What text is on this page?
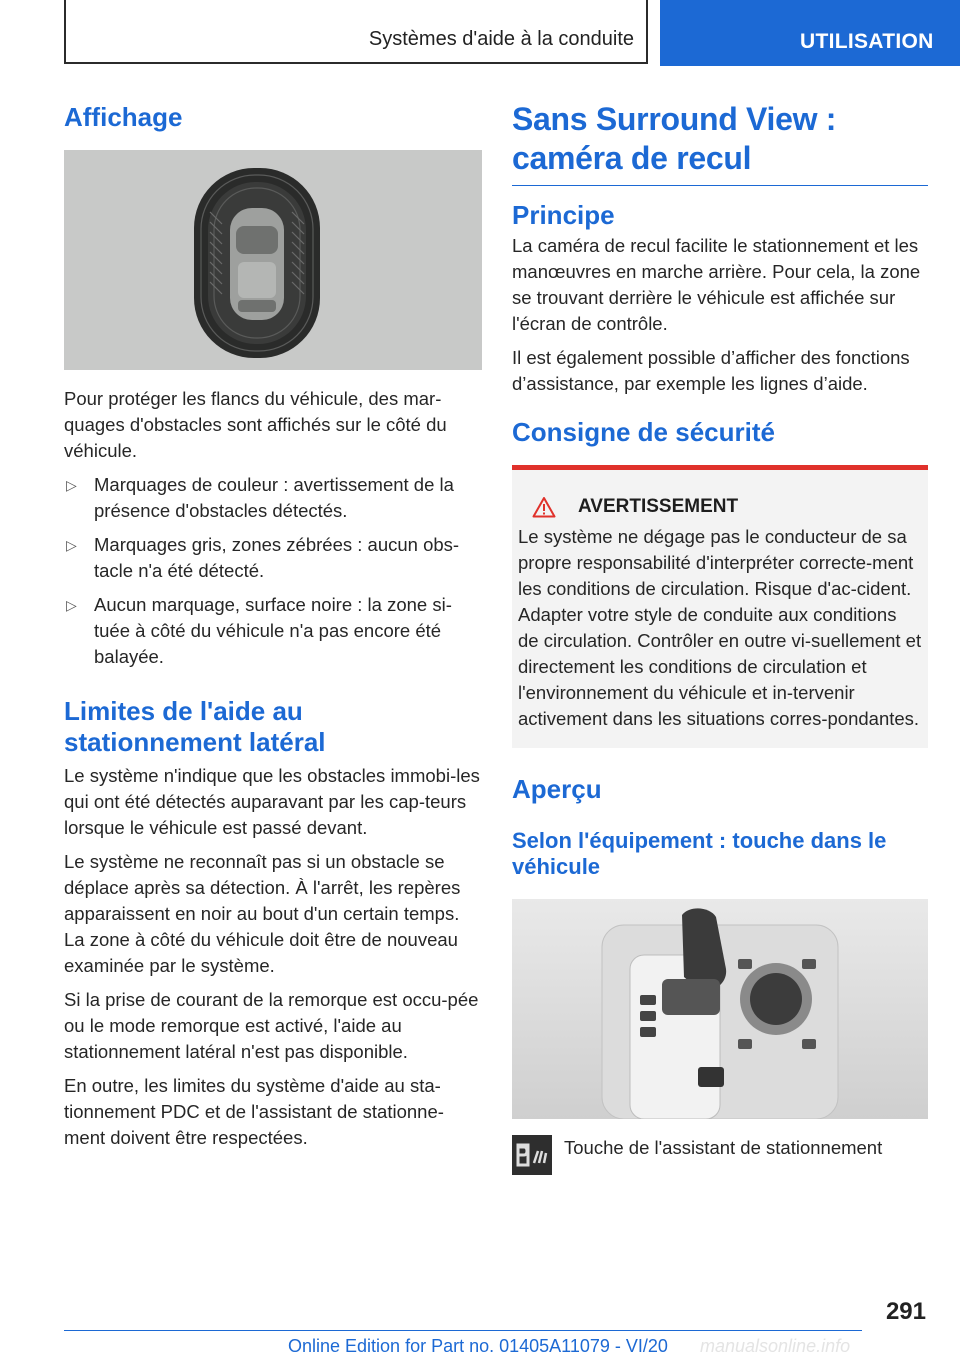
Systèmes d'aide à la conduite	UTILISATION
Affichage

Pour protéger les flancs du véhicule, des mar-quages d'obstacles sont affichés sur le côté du véhicule.

▷ Marquages de couleur : avertissement de la présence d'obstacles détectés.
▷ Marquages gris, zones zébrées : aucun obs-tacle n'a été détecté.
▷ Aucun marquage, surface noire : la zone si-tuée à côté du véhicule n'a pas encore été balayée.
Limites de l'aide au stationnement latéral

Le système n'indique que les obstacles immobi-les qui ont été détectés auparavant par les cap-teurs lorsque le véhicule est passé devant.

Le système ne reconnaît pas si un obstacle se déplace après sa détection. À l'arrêt, les repères apparaissent en noir au bout d'un certain temps. La zone à côté du véhicule doit être de nouveau examinée par le système.

Si la prise de courant de la remorque est occu-pée ou le mode remorque est activé, l'aide au stationnement latéral n'est pas disponible.

En outre, les limites du système d'aide au sta-tionnement PDC et de l'assistant de stationne-ment doivent être respectées.

Sans Surround View : caméra de recul
Principe

La caméra de recul facilite le stationnement et les manœuvres en marche arrière. Pour cela, la zone se trouvant derrière le véhicule est affichée sur l'écran de contrôle.

Il est également possible d’afficher des fonctions d’assistance, par exemple les lignes d’aide.

Consigne de sécurité
AVERTISSEMENT

Le système ne dégage pas le conducteur de sa propre responsabilité d'interpréter correcte-ment les conditions de circulation. Risque d'ac-cident. Adapter votre style de conduite aux conditions de circulation. Contrôler en outre vi-suellement et directement les conditions de circulation et l'environnement du véhicule et in-tervenir activement dans les situations corres-pondantes.

Aperçu
Selon l'équipement : touche dans le véhicule

Touche de l'assistant de stationnement

291
Online Edition for Part no. 01405A11079 - VI/20 manualsonline.info
